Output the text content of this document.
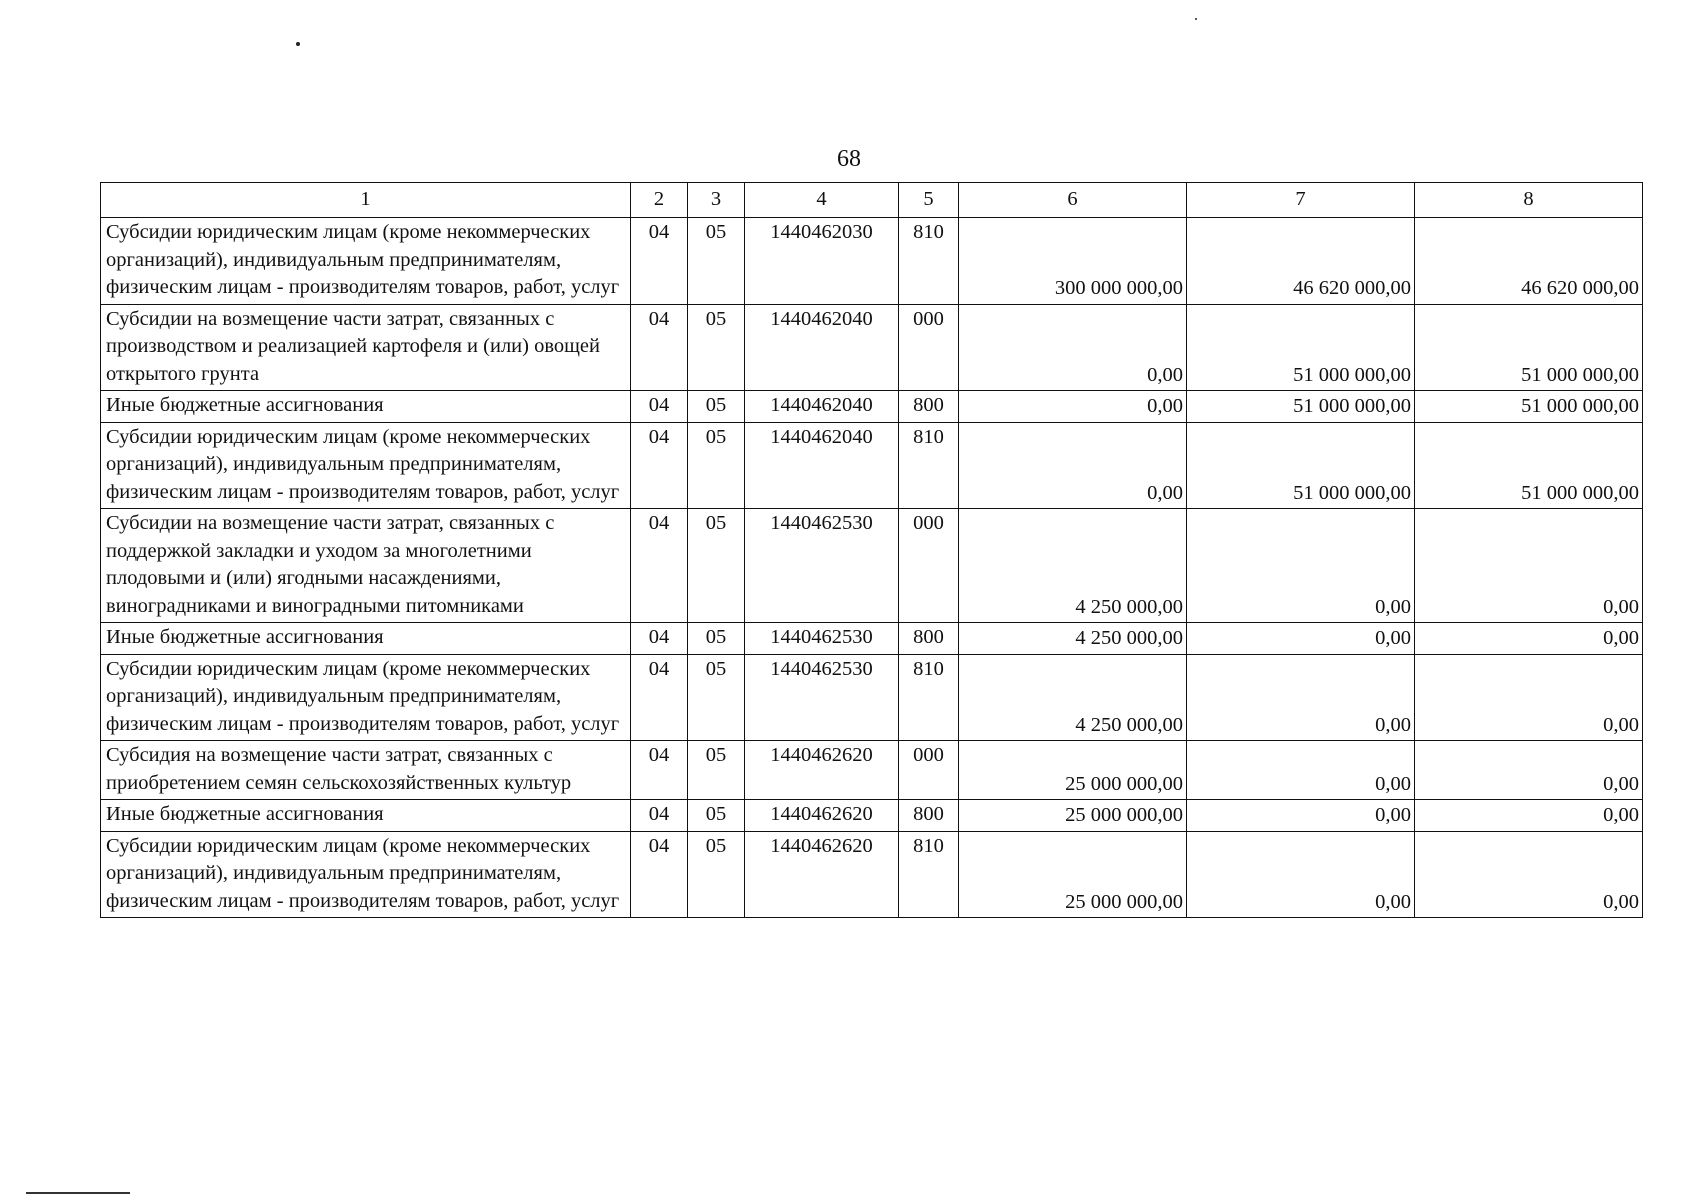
68
1	2	3	4	5	6	7	8
Субсидии юридическим лицам (кроме некоммерческих организаций), индивидуальным предпринимателям, физическим лицам - производителям товаров, работ, услуг	04	05	1440462030	810	300 000 000,00	46 620 000,00	46 620 000,00
Субсидии на возмещение части затрат, связанных с производством и реализацией картофеля и (или) овощей открытого грунта	04	05	1440462040	000	0,00	51 000 000,00	51 000 000,00
Иные бюджетные ассигнования	04	05	1440462040	800	0,00	51 000 000,00	51 000 000,00
Субсидии юридическим лицам (кроме некоммерческих организаций), индивидуальным предпринимателям, физическим лицам - производителям товаров, работ, услуг	04	05	1440462040	810	0,00	51 000 000,00	51 000 000,00
Субсидии на возмещение части затрат, связанных с поддержкой закладки и уходом за многолетними плодовыми и (или) ягодными насаждениями, виноградниками и виноградными питомниками	04	05	1440462530	000	4 250 000,00	0,00	0,00
Иные бюджетные ассигнования	04	05	1440462530	800	4 250 000,00	0,00	0,00
Субсидии юридическим лицам (кроме некоммерческих организаций), индивидуальным предпринимателям, физическим лицам - производителям товаров, работ, услуг	04	05	1440462530	810	4 250 000,00	0,00	0,00
Субсидия на возмещение части затрат, связанных с приобретением семян сельскохозяйственных культур	04	05	1440462620	000	25 000 000,00	0,00	0,00
Иные бюджетные ассигнования	04	05	1440462620	800	25 000 000,00	0,00	0,00
Субсидии юридическим лицам (кроме некоммерческих организаций), индивидуальным предпринимателям, физическим лицам - производителям товаров, работ, услуг	04	05	1440462620	810	25 000 000,00	0,00	0,00
